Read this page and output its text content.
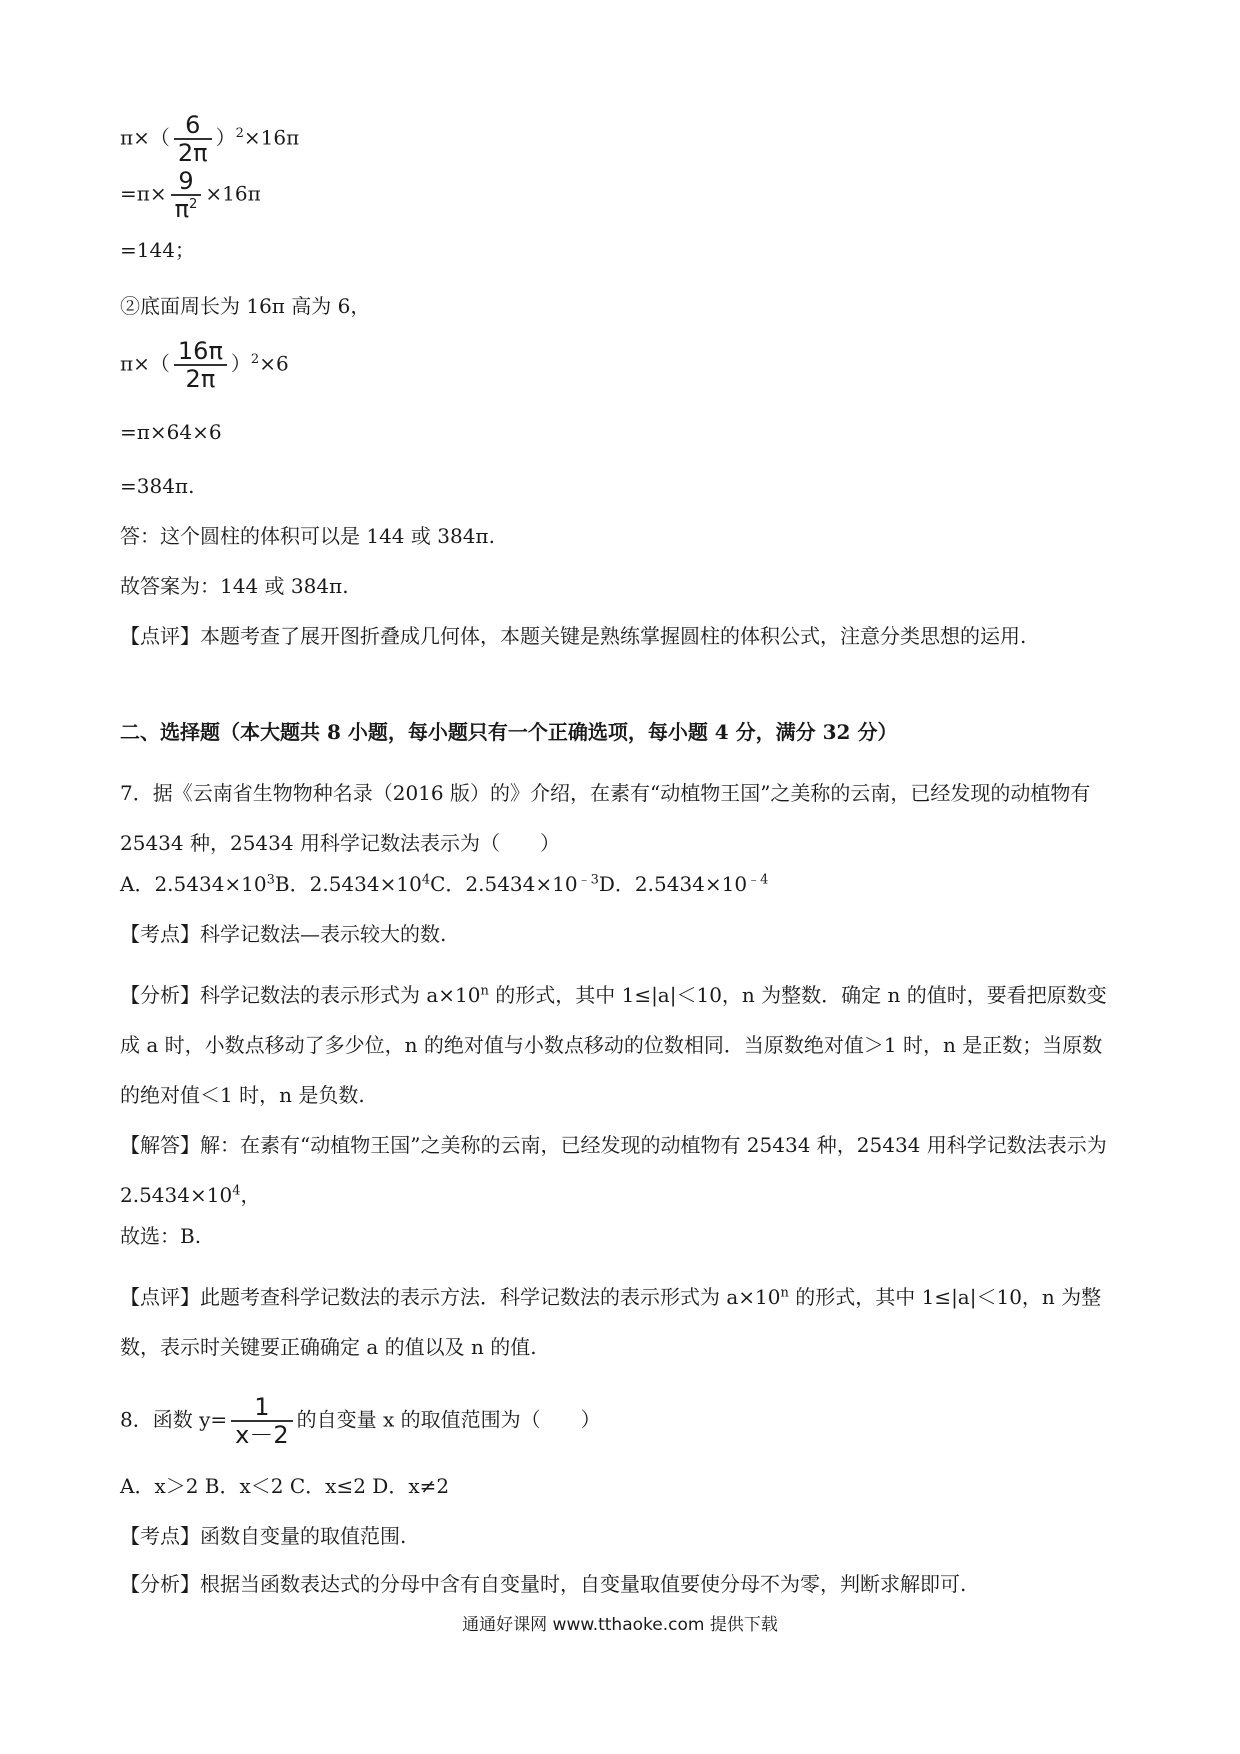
$\pi\times( \frac{6}{2\pi} )^2\times 16\pi$
$=\pi\times \frac{9}{\pi^2} \times 16\pi$
=144；
②底面周长为 16π 高为 6，
$\pi\times( \frac{16\pi}{2\pi} )^2\times 6$
=π×64×6
=384π.
答：这个圆柱的体积可以是 144 或 384π.
故答案为：144 或 384π.
【点评】本题考查了展开图折叠成几何体，本题关键是熟练掌握圆柱的体积公式，注意分类思想的运用.
二、选择题（本大题共 8 小题，每小题只有一个正确选项，每小题 4 分，满分 32 分）
7．据《云南省生物物种名录（2016 版）的》介绍，在素有“动植物王国”之美称的云南，已经发现的动植物有 25434 种，25434 用科学记数法表示为（　　）
A．$2.5434\times 10^3B$．$2.5434\times 10^4C$．$2.5434\times 10^{﹣3}D$．$2.5434\times 10^{﹣4}$
【考点】科学记数法—表示较大的数.
【分析】科学记数法的表示形式为 $a\times 10^n$ 的形式，其中 1≤|a|＜10，n 为整数．确定 n 的值时，要看把原数变成 a 时，小数点移动了多少位，n 的绝对值与小数点移动的位数相同．当原数绝对值＞1 时，n 是正数；当原数的绝对值＜1 时，n 是负数.
【解答】解：在素有“动植物王国”之美称的云南，已经发现的动植物有 25434 种，25434 用科学记数法表示为 $2.5434\times 10^4$，
故选：B.
【点评】此题考查科学记数法的表示方法．科学记数法的表示形式为 $a\times 10^n$ 的形式，其中 1≤|a|＜10，n 为整数，表示时关键要正确确定 a 的值以及 n 的值.
8．函数 $y= \frac{1}{x-2}$ 的自变量 x 的取值范围为（　　）
A．x＞2 B．x＜2 C．x≤2 D．x≠2
【考点】函数自变量的取值范围.
【分析】根据当函数表达式的分母中含有自变量时，自变量取值要使分母不为零，判断求解即可.
通通好课网 www.tthaoke.com 提供下载
